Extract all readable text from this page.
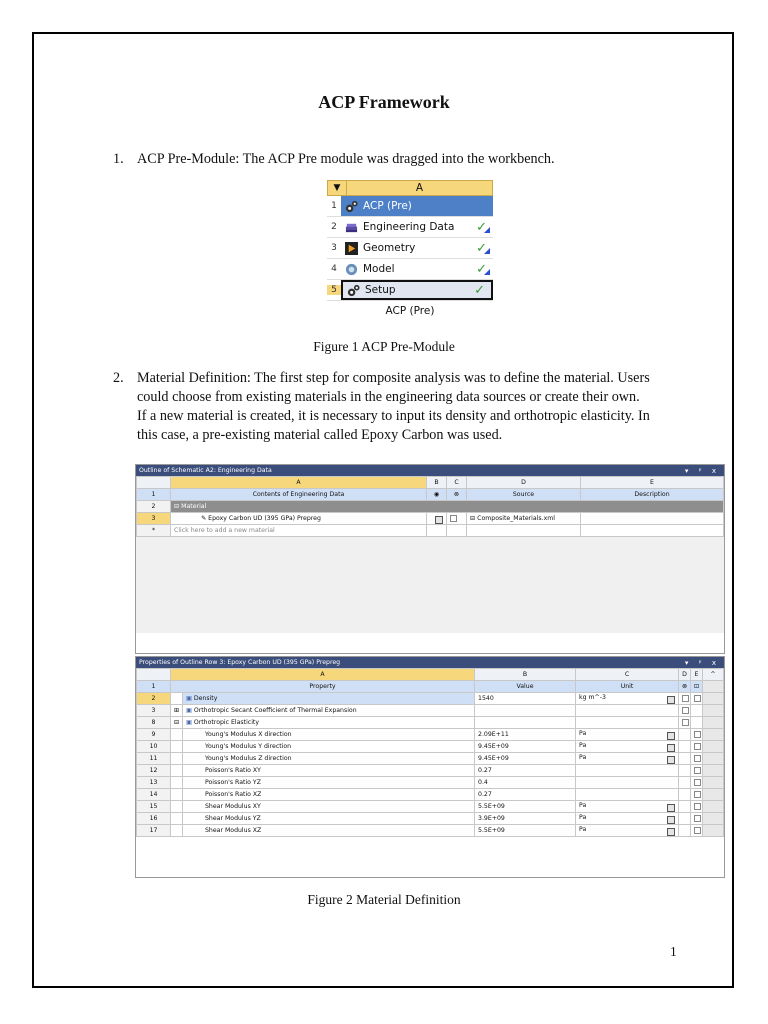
ACP Framework
1. ACP Pre-Module: The ACP Pre module was dragged into the workbench.
▼	A
1	ACP (Pre)
2	Engineering Data ✓
3	Geometry	✓
4	Model	✓
5	Setup	✓
ACP (Pre)
Figure 1 ACP Pre-Module
2. Material Definition: The first step for composite analysis was to define the material. Users
could choose from existing materials in the engineering data sources or create their own.
If a new material is created, it is necessary to input its density and orthotropic elasticity. In
this case, a pre-existing material called Epoxy Carbon was used.
Outline of Schematic A2: Engineering Data	▾ ᵖ x
	A	B	C	D	E
1	Contents of Engineering Data	◉	⊗	Source	Description
2	⊟ Material				
3	✎ Epoxy Carbon UD (395 GPa) Prepreg			⊟ Composite_Materials.xml	
*	Click here to add a new material				
Properties of Outline Row 3: Epoxy Carbon UD (395 GPa) Prepreg	▾ ᵖ x
	A		B	C	D	E	^
1	Property		Value	Unit	⊗	⊡	
2		▣ Density	1540	kg m^-3

3	⊞	▣ Orthotropic Secant Coefficient of Thermal Expansion					
8	⊟	▣ Orthotropic Elasticity					
9		Young's Modulus X direction	2.09E+11	Pa

10		Young's Modulus Y direction	9.45E+09	Pa

11		Young's Modulus Z direction	9.45E+09	Pa

12		Poisson's Ratio XY	0.27				
13		Poisson's Ratio YZ	0.4				
14		Poisson's Ratio XZ	0.27				
15		Shear Modulus XY	5.5E+09	Pa

16		Shear Modulus YZ	3.9E+09	Pa

17		Shear Modulus XZ	5.5E+09	Pa

Figure 2 Material Definition
1
